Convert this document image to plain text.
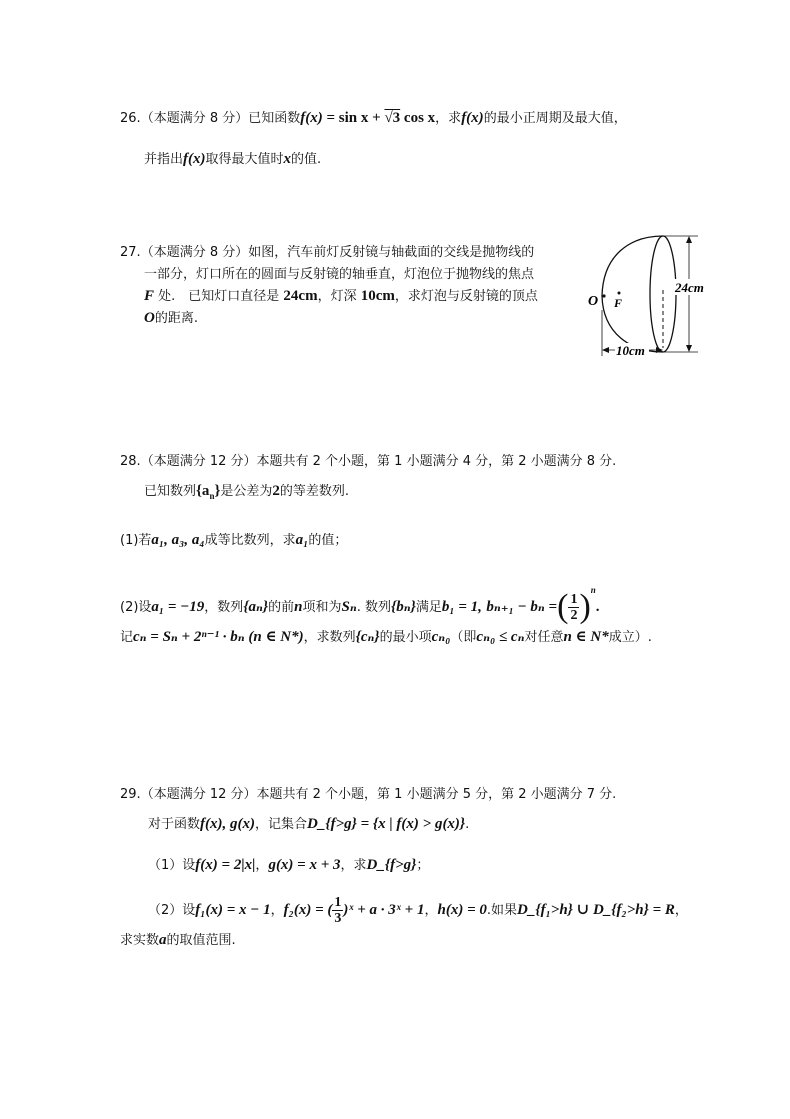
26.（本题满分 8 分）已知函数f(x) = sin x + √3 cos x，求f(x)的最小正周期及最大值，
并指出f(x)取得最大值时x的值.
27.（本题满分 8 分）如图，汽车前灯反射镜与轴截面的交线是抛物线的
一部分，灯口所在的圆面与反射镜的轴垂直，灯泡位于抛物线的焦点
F 处.　已知灯口直径是 24cm，灯深 10cm，求灯泡与反射镜的顶点
O的距离.
24cm
10cm
O F
28.（本题满分 12 分）本题共有 2 个小题，第 1 小题满分 4 分，第 2 小题满分 8 分.
已知数列$\{a_n\}$是公差为2的等差数列.
(1)若a₁, a₃, a₄成等比数列，求a₁的值；
(2)设a₁ = −19，数列{aₙ}的前n项和为Sₙ. 数列{bₙ}满足b₁ = 1, bₙ₊₁ − bₙ =( $\frac{1}{2} )^n$.
记cₙ = Sₙ + 2ⁿ⁻¹ · bₙ (n ∈ N*)，求数列{cₙ}的最小项cₙ₀（即cₙ₀ ≤ cₙ对任意n ∈ N*成立）.
29.（本题满分 12 分）本题共有 2 个小题，第 1 小题满分 5 分，第 2 小题满分 7 分.
对于函数f(x), g(x)，记集合D_{f>g} = {x | f(x) > g(x)}.
（1）设f(x) = 2|x|，g(x) = x + 3，求D_{f>g}；
（2）设f₁(x) = x − 1，f₂(x) = ( $\frac{1}{3}$ )ˣ + a · 3ˣ + 1，h(x) = 0.如果D_{f₁>h} ∪ D_{f₂>h} = R，
求实数a的取值范围.
